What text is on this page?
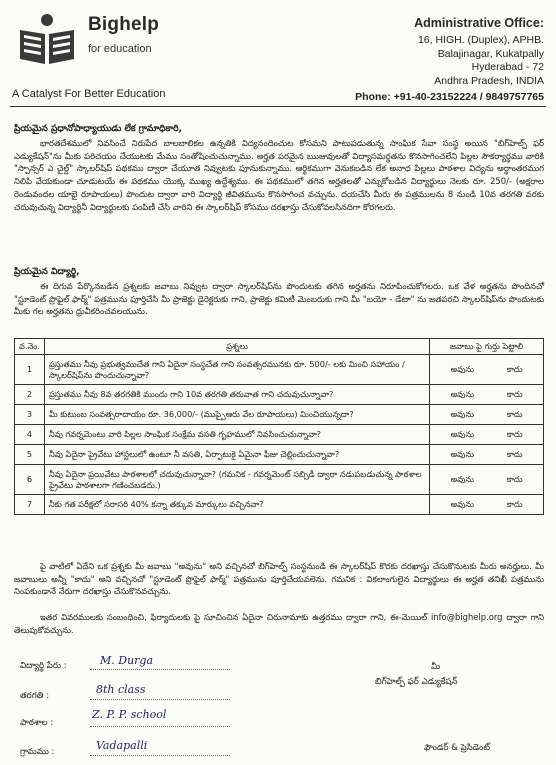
Bighelp
for education
A Catalyst For Better Education
Administrative Office:
16, HIGH. (Duplex), APHB.
Balajinagar, Kukatpally
Hyderabad - 72
Andhra Pradesh, INDIA
Phone: +91-40-23152224 / 9849757765
ప్రియమైన ప్రధానోపాధ్యాయుడు లేక గ్రామాధికారి,
భారతదేశములో నివసించే నిరుపేద బాలబాలికల ఉన్నతికి విద్యనందించుట కోసమని పాటుపడుతున్న సాంఘిక సేవా సంస్థ అయిన "బిగ్‌హెల్ప్ ఫర్ ఎడ్యుకేషన్"ను మీకు పరిచయం చేయుటకు మేము సంతోషించుచున్నాము. అర్హత పరమైన ఋజువులతో విద్యాసమర్థతను కొనసాగించలేని పిల్లల సౌకర్యార్థము వారికి "స్పాన్సర్ ఎ చైల్డ్" స్కాలర్‌షిప్ పథకము ద్వారా చేయూత నివ్వుటకు పూనుకున్నాము. ఆర్థికముగా వెనుకబడిన లేక అనాధ పిల్లలు పాఠశాల విద్యను అర్థాంతరముగ నిలిపి వేయకుండా చూడుటయే ఈ పథకము యొక్క ముఖ్య ఉద్దేశ్యము. ఈ పథకములో తగిన అర్హతలతో ఎన్నుకోబడిన విద్యార్థులు నెలకు రూ. 250/- (అక్షరాల రెండువందల యాభై రూపాయలు) పొందుట ద్వారా వారి విద్యార్థి జీవితమును కొనసాగించ వచ్చును. దయచేసి మీరు ఈ పత్రములను 8 నుండి 10వ తరగతి వరకు చదువుచున్న విద్యార్థినీ విద్యార్థులకు పంపిణీ చేసి వారిని ఈ స్కాలర్‌షిప్ కోసము దరఖాస్తు చేసుకోవలసినదిగా కోరగలరు.
ప్రియమైన విద్యార్థి,
ఈ దిగువ పేర్కొనబడిన ప్రశ్నలకు జవాబు నివ్వుట ద్వారా స్కాలర్‌షిప్‌ను పొందుటకు తగిన అర్హతను నిరూపించుకోగలరు. ఒక వేళ అర్హతను పొందినచో "స్టూడెంట్ ప్రొఫైల్ ఫార్మ్" పత్రమును పూర్తిచేసి మీ ప్రాజెక్టు డైరెక్టరుకు గాని, ప్రాజెక్టు కమిటీ మెంబరుకు గాని మీ "బయో - డేటా" ను జతపరచి స్కాలర్‌షిప్‌ను పొందుటకు మీకు గల అర్హతను ధ్రువీకరించవలయును.
వ.నెం.	ప్రశ్నలు	జవాబు పై గుర్తు పెట్టాలి
1	ప్రస్తుతము నీవు ప్రభుత్వముచేత గాని ఏదైనా సంస్థచేత గాని సంవత్సరమునకు రూ. 500/- లకు మించి సహాయం / స్కాలర్‌షిప్‌ను పొందుచున్నావా?	అవును కాదు

2	ప్రస్తుతము నీవు 8వ తరగతికి ముందు గాని 10వ తరగతి తరువాత గాని చదువుచున్నావా?	అవును కాదు

3	మీ కుటుంబ సంవత్సరాదాయం రూ. 36,000/- (ముప్పైఆరు వేల రూపాయలు) మించియున్నదా?	అవును కాదు

4	నీవు గవర్నమెంటు వారి పిల్లల సాంఘిక సంక్షేమ వసతి గృహములో నివసించుచున్నావా?	అవును కాదు

5	నీవు ఏదైనా ప్రైవేటు హాస్టలులో ఉంటూ నీ వసతి, ఏర్పాటుకై ఏమైనా ఫీజు చెల్లించుచున్నావా?	అవును కాదు

6	నీవు ఏదైనా ప్రయివేటు పాఠశాలలో చదువుచున్నావా? (గమనిక - గవర్నమెంట్ సబ్సిడీ ద్వారా నడుపబడుచున్న పాఠశాల ప్రైవేటు పాఠశాలగా గణించబడదు.)	అవును కాదు

7	నీకు గత పరీక్షలో సరాసరి 40% కన్నా తక్కువ మార్కులు వచ్చినవా?	అవును కాదు
పై వాటిలో ఏదేని ఒక ప్రశ్నకు మీ జవాబు "అవును" అని వచ్చినచో బిగ్‌హెల్ప్ సంస్థనుండి ఈ స్కాలర్‌షిప్ కొరకు దరఖాస్తు చేసుకొనుటకు మీరు అనర్హులు. మీ జవాబులు అన్నీ "కాదు" అని వచ్చినచో "స్టూడెంట్ ప్రొఫైల్ ఫార్మ్" పత్రమును పూర్తిచేయవలెను. గమనిక : వికలాంగులైన విద్యార్థులు ఈ అర్హత తనిఖీ పత్రమును నింపకుండానే నేరుగా దరఖాస్తు చేసుకొనవచ్చును.
ఇతర వివరములకు సంబంధించి, ఫిర్యాదులకు పై సూచించిన ఏదైనా చిరునామాకు ఉత్తరము ద్వారా గాని, ఈ-మెయిల్ info@bighelp.org ద్వారా గాని తెలుపుకోవచ్చును.
విద్యార్థి పేరు :	M. Durga
తరగతి :	8th class
పాఠశాల :
Z. P. P. school
గ్రామము :	Vadapalli
మీ
బిగ్‌హెల్ప్ ఫర్ ఎడ్యుకేషన్
ఫౌండర్ & ప్రెసిడెంట్
